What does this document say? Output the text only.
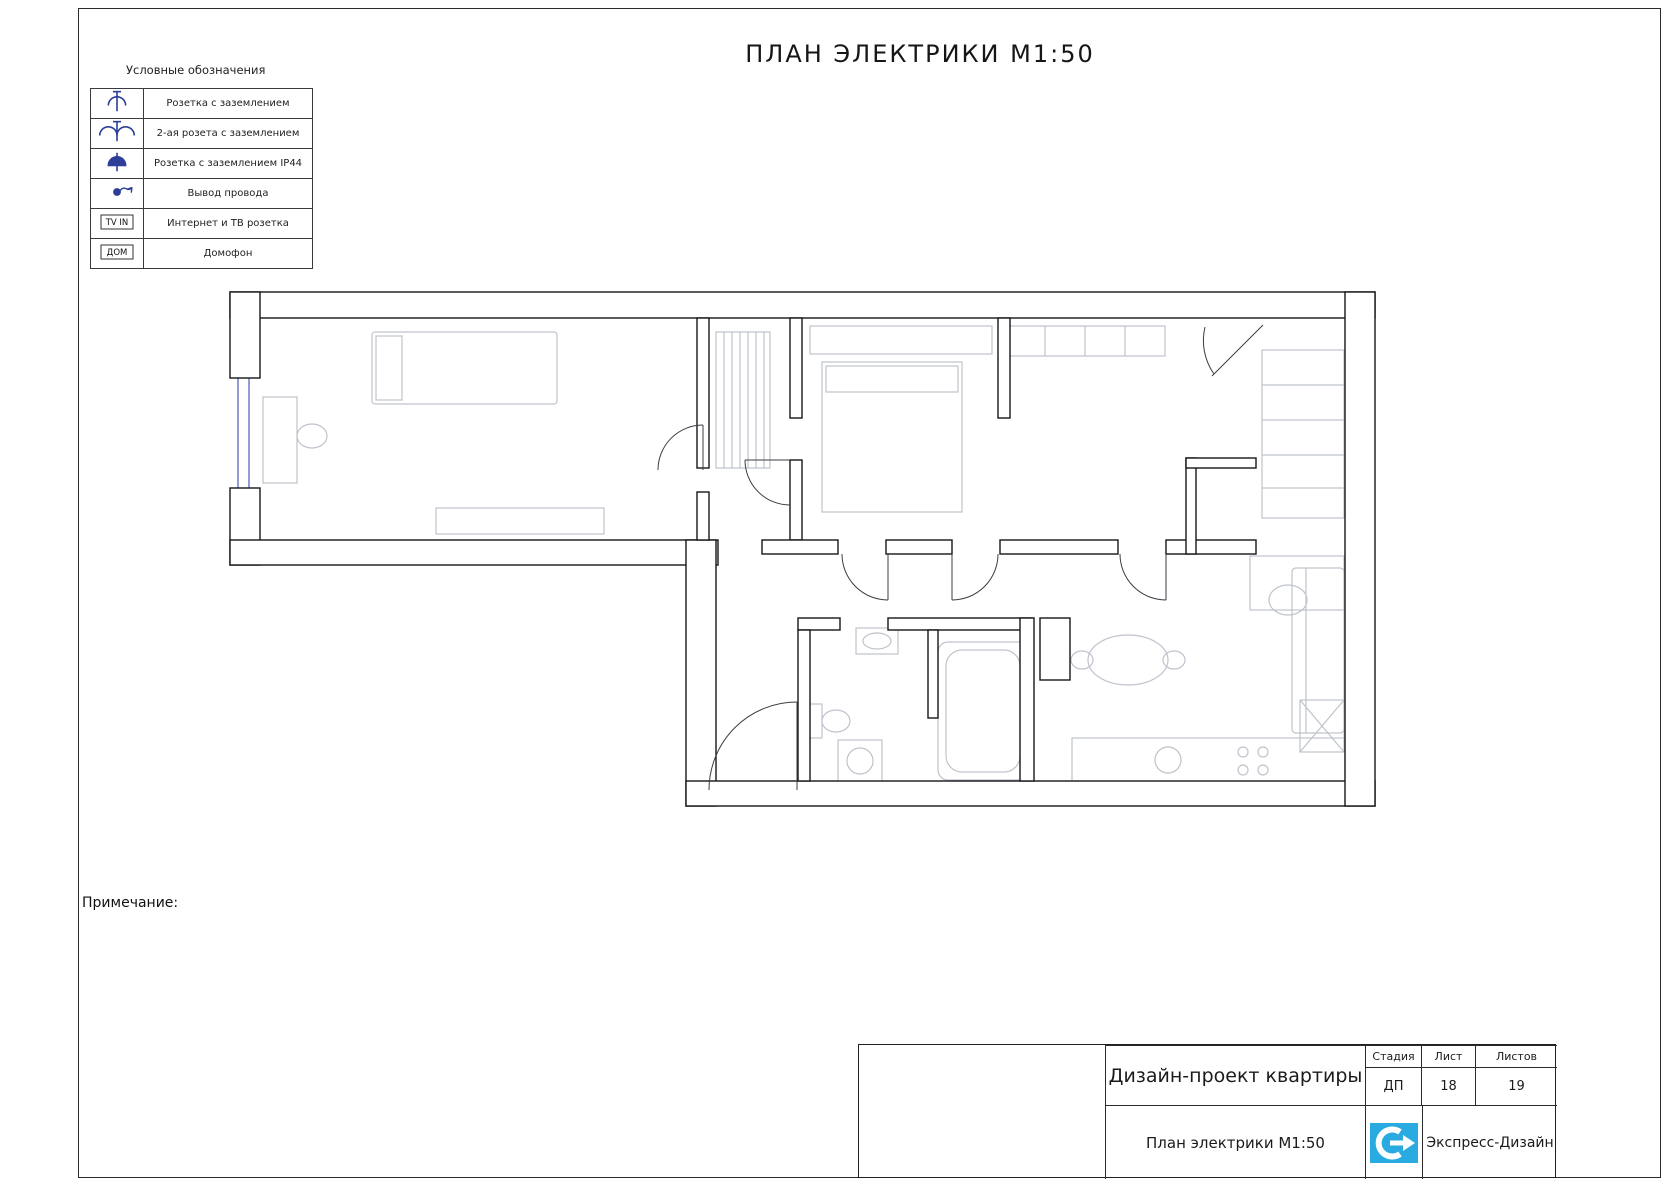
ПЛАН ЭЛЕКТРИКИ М1:50
Условные обозначения
	Розетка с заземлением
	2-ая розета с заземлением
	Розетка с заземлением IP44
	Вывод провода

TV IN	Интернет и ТВ розетка

ДОМ	Домофон
Примечание:
Дизайн-проект квартиры
План электрики М1:50
Стадия	Лист	Листов
ДП	18	19
Экспресс-Дизайн
